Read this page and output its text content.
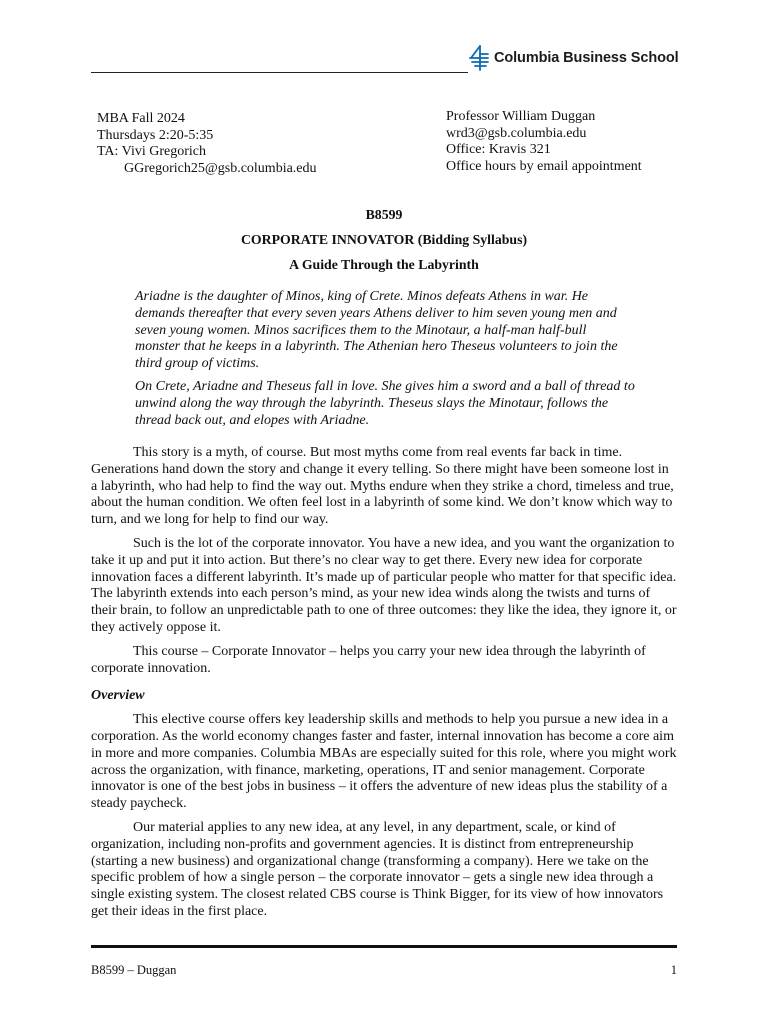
Columbia Business School
MBA Fall 2024
Thursdays 2:20-5:35
TA: Vivi Gregorich
GGregorich25@gsb.columbia.edu
Professor William Duggan
wrd3@gsb.columbia.edu
Office: Kravis 321
Office hours by email appointment
B8599
CORPORATE INNOVATOR (Bidding Syllabus)
A Guide Through the Labyrinth

Ariadne is the daughter of Minos, king of Crete. Minos defeats Athens in war. He demands thereafter that every seven years Athens deliver to him seven young men and seven young women. Minos sacrifices them to the Minotaur, a half-man half-bull monster that he keeps in a labyrinth. The Athenian hero Theseus volunteers to join the third group of victims.

On Crete, Ariadne and Theseus fall in love. She gives him a sword and a ball of thread to unwind along the way through the labyrinth. Theseus slays the Minotaur, follows the thread back out, and elopes with Ariadne.

This story is a myth, of course. But most myths come from real events far back in time. Generations hand down the story and change it every telling. So there might have been someone lost in a labyrinth, who had help to find the way out. Myths endure when they strike a chord, timeless and true, about the human condition. We often feel lost in a labyrinth of some kind. We don’t know which way to turn, and we long for help to find our way.

Such is the lot of the corporate innovator. You have a new idea, and you want the organization to take it up and put it into action. But there’s no clear way to get there. Every new idea for corporate innovation faces a different labyrinth. It’s made up of particular people who matter for that specific idea. The labyrinth extends into each person’s mind, as your new idea winds along the twists and turns of their brain, to follow an unpredictable path to one of three outcomes: they like the idea, they ignore it, or they actively oppose it.

This course – Corporate Innovator – helps you carry your new idea through the labyrinth of corporate innovation.

Overview

This elective course offers key leadership skills and methods to help you pursue a new idea in a corporation. As the world economy changes faster and faster, internal innovation has become a core aim in more and more companies. Columbia MBAs are especially suited for this role, where you might work across the organization, with finance, marketing, operations, IT and senior management. Corporate innovator is one of the best jobs in business – it offers the adventure of new ideas plus the stability of a steady paycheck.

Our material applies to any new idea, at any level, in any department, scale, or kind of organization, including non-profits and government agencies. It is distinct from entrepreneurship (starting a new business) and organizational change (transforming a company). Here we take on the specific problem of how a single person – the corporate innovator – gets a single new idea through a single existing system. The closest related CBS course is Think Bigger, for its view of how innovators get their ideas in the first place.

B8599 – Duggan	1
